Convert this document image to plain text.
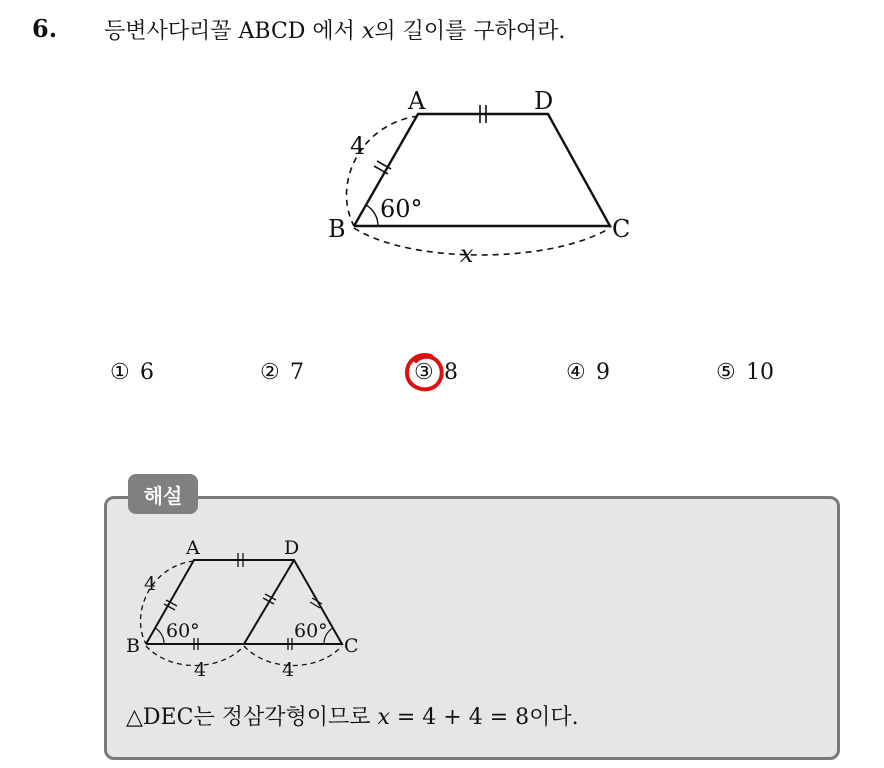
6. 등변사다리꼴 ABCD 에서 x의 길이를 구하여라.
A	D
B	C
4
60°
x
① 6	② 7	③ 8	④ 9	⑤ 10
해설
A	D
B	C
4
60°	60°
4	4
△DEC는 정삼각형이므로 x = 4 + 4 = 8이다.
